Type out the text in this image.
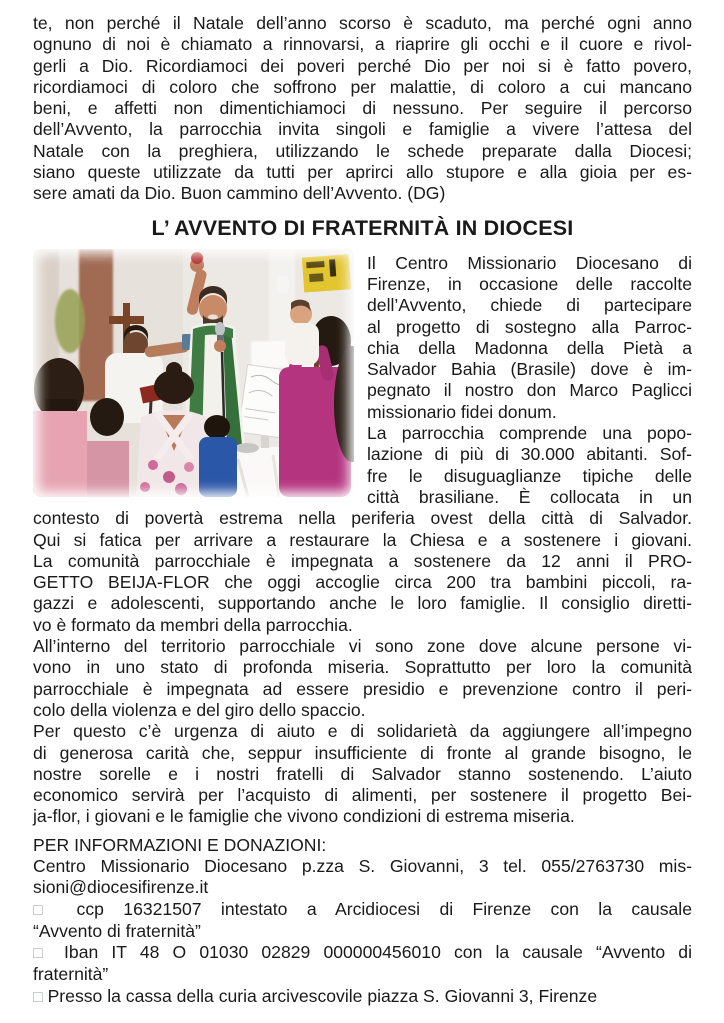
te, non perché il Natale dell’anno scorso è scaduto, ma perché ogni anno
ognuno di noi è chiamato a rinnovarsi, a riaprire gli occhi e il cuore e rivol-
gerli a Dio. Ricordiamoci dei poveri perché Dio per noi si è fatto povero,
ricordiamoci di coloro che soffrono per malattie, di coloro a cui mancano
beni, e affetti non dimentichiamoci di nessuno. Per seguire il percorso
dell’Avvento, la parrocchia invita singoli e famiglie a vivere l’attesa del
Natale con la preghiera, utilizzando le schede preparate dalla Diocesi;
siano queste utilizzate da tutti per aprirci allo stupore e alla gioia per es-
sere amati da Dio. Buon cammino dell’Avvento. (DG)
L’ AVVENTO DI FRATERNITÀ IN DIOCESI
Il Centro Missionario Diocesano di
Firenze, in occasione delle raccolte
dell’Avvento, chiede di partecipare
al progetto di sostegno alla Parroc-
chia della Madonna della Pietà a
Salvador Bahia (Brasile) dove è im-
pegnato il nostro don Marco Paglicci
missionario fidei donum.
La parrocchia comprende una popo-
lazione di più di 30.000 abitanti. Sof-
fre le disuguaglianze tipiche delle
città brasiliane. È collocata in un
contesto di povertà estrema nella periferia ovest della città di Salvador.
Qui si fatica per arrivare a restaurare la Chiesa e a sostenere i giovani.
La comunità parrocchiale è impegnata a sostenere da 12 anni il PRO-
GETTO BEIJA-FLOR che oggi accoglie circa 200 tra bambini piccoli, ra-
gazzi e adolescenti, supportando anche le loro famiglie. Il consiglio diretti-
vo è formato da membri della parrocchia.
All’interno del territorio parrocchiale vi sono zone dove alcune persone vi-
vono in uno stato di profonda miseria. Soprattutto per loro la comunità
parrocchiale è impegnata ad essere presidio e prevenzione contro il peri-
colo della violenza e del giro dello spaccio.
Per questo c’è urgenza di aiuto e di solidarietà da aggiungere all’impegno
di generosa carità che, seppur insufficiente di fronte al grande bisogno, le
nostre sorelle e i nostri fratelli di Salvador stanno sostenendo. L’aiuto
economico servirà per l’acquisto di alimenti, per sostenere il progetto Bei-
ja-flor, i giovani e le famiglie che vivono condizioni di estrema miseria.
PER INFORMAZIONI E DONAZIONI:
Centro Missionario Diocesano p.zza S. Giovanni, 3 tel. 055/2763730 mis-
sioni@diocesifirenze.it
□ ccp 16321507 intestato a Arcidiocesi di Firenze con la causale
“Avvento di fraternità”
□ Iban IT 48 O 01030 02829 000000456010 con la causale “Avvento di
fraternità”
□ Presso la cassa della curia arcivescovile piazza S. Giovanni 3, Firenze
